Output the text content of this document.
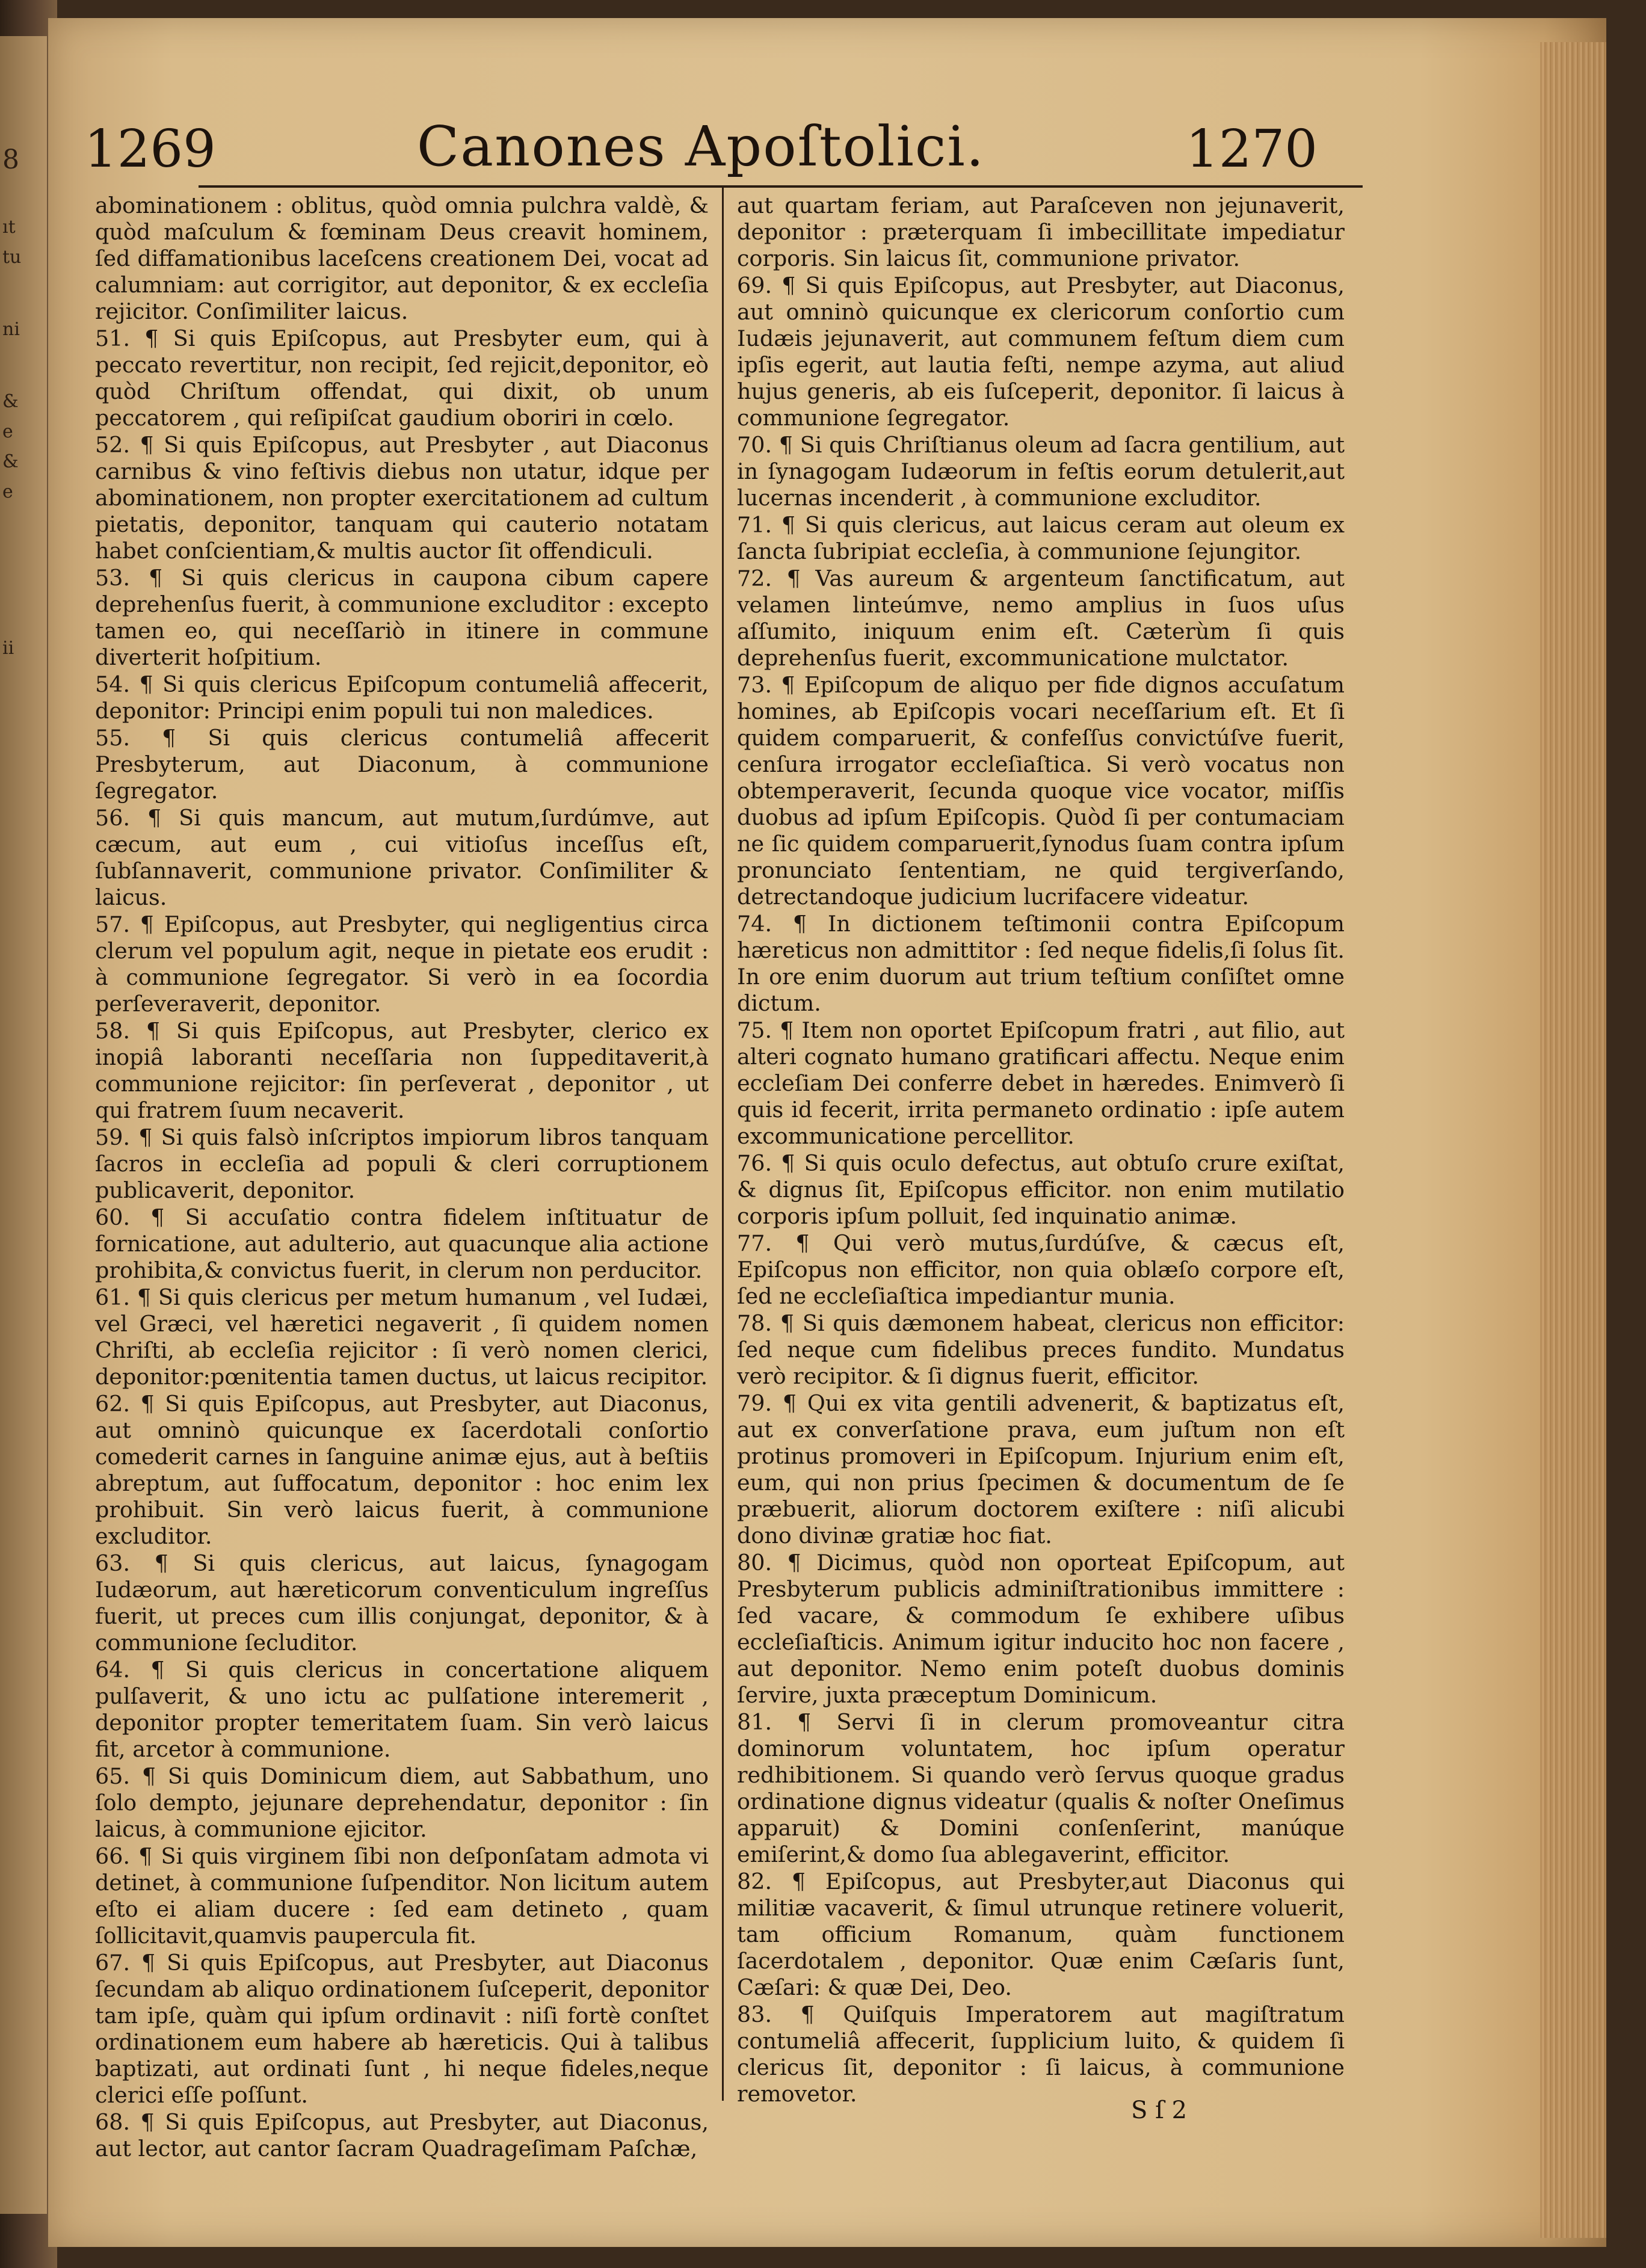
8
ıt
tu
ni
&
e
&
e
ii
1269	Canones Apoſtolici.	1270

abominationem : oblitus, quòd omnia pulchra valdè, & quòd maſculum & fœminam Deus creavit hominem, ſed diffamationibus laceſcens creationem Dei, vocat ad calumniam: aut corrigitor, aut deponitor, & ex eccleſia rejicitor. Conſimiliter laicus.

51. ¶ Si quis Epiſcopus, aut Presbyter eum, qui à peccato revertitur, non recipit, ſed rejicit,deponitor, eò quòd Chriſtum offendat, qui dixit, ob unum peccatorem , qui reſipiſcat gaudium oboriri in cœlo.

52. ¶ Si quis Epiſcopus, aut Presbyter , aut Diaconus carnibus & vino feſtivis diebus non utatur, idque per abominationem, non propter exercitationem ad cultum pietatis, deponitor, tanquam qui cauterio notatam habet conſcientiam,& multis auctor ſit offendiculi.

53. ¶ Si quis clericus in caupona cibum capere deprehenſus fuerit, à communione excluditor : excepto tamen eo, qui neceſſariò in itinere in commune diverterit hoſpitium.

54. ¶ Si quis clericus Epiſcopum contumeliâ affecerit, deponitor: Principi enim populi tui non maledices.

55. ¶ Si quis clericus contumeliâ affecerit Presbyterum, aut Diaconum, à communione ſegregator.

56. ¶ Si quis mancum, aut mutum,ſurdúmve, aut cæcum, aut eum , cui vitioſus inceſſus eſt, ſubſannaverit, communione privator. Conſimiliter & laicus.

57. ¶ Epiſcopus, aut Presbyter, qui negligentius circa clerum vel populum agit, neque in pietate eos erudit : à communione ſegregator. Si verò in ea ſocordia perſeveraverit, deponitor.

58. ¶ Si quis Epiſcopus, aut Presbyter, clerico ex inopiâ laboranti neceſſaria non ſuppeditaverit,à communione rejicitor: ſin perſeverat , deponitor , ut qui fratrem ſuum necaverit.

59. ¶ Si quis falsò inſcriptos impiorum libros tanquam ſacros in eccleſia ad populi & cleri corruptionem publicaverit, deponitor.

60. ¶ Si accuſatio contra fidelem inſtituatur de fornicatione, aut adulterio, aut quacunque alia actione prohibita,& convictus fuerit, in clerum non perducitor.

61. ¶ Si quis clericus per metum humanum , vel Iudæi, vel Græci, vel hæretici negaverit , ſi quidem nomen Chriſti, ab eccleſia rejicitor : ſi verò nomen clerici, deponitor:pœnitentia tamen ductus, ut laicus recipitor.

62. ¶ Si quis Epiſcopus, aut Presbyter, aut Diaconus, aut omninò quicunque ex ſacerdotali conſortio comederit carnes in ſanguine animæ ejus, aut à beſtiis abreptum, aut ſuffocatum, deponitor : hoc enim lex prohibuit. Sin verò laicus fuerit, à communione excluditor.

63. ¶ Si quis clericus, aut laicus, ſynagogam Iudæorum, aut hæreticorum conventiculum ingreſſus fuerit, ut preces cum illis conjungat, deponitor, & à communione ſecluditor.

64. ¶ Si quis clericus in concertatione aliquem pulſaverit, & uno ictu ac pulſatione interemerit , deponitor propter temeritatem ſuam. Sin verò laicus fit, arcetor à communione.

65. ¶ Si quis Dominicum diem, aut Sabbathum, uno ſolo dempto, jejunare deprehendatur, deponitor : ſin laicus, à communione ejicitor.

66. ¶ Si quis virginem ſibi non deſponſatam admota vi detinet, à communione ſuſpenditor. Non licitum autem eſto ei aliam ducere : ſed eam detineto , quam ſollicitavit,quamvis paupercula fit.

67. ¶ Si quis Epiſcopus, aut Presbyter, aut Diaconus ſecundam ab aliquo ordinationem ſuſceperit, deponitor tam ipſe, quàm qui ipſum ordinavit : niſi fortè conſtet ordinationem eum habere ab hæreticis. Qui à talibus baptizati, aut ordinati ſunt , hi neque fideles,neque clerici eſſe poſſunt.

68. ¶ Si quis Epiſcopus, aut Presbyter, aut Diaconus, aut lector, aut cantor ſacram Quadrageſimam Paſchæ,

aut quartam feriam, aut Paraſceven non jejunaverit, deponitor : præterquam ſi imbecillitate impediatur corporis. Sin laicus ſit, communione privator.

69. ¶ Si quis Epiſcopus, aut Presbyter, aut Diaconus, aut omninò quicunque ex clericorum conſortio cum Iudæis jejunaverit, aut communem feſtum diem cum ipſis egerit, aut lautia feſti, nempe azyma, aut aliud hujus generis, ab eis ſuſceperit, deponitor. ſi laicus à communione ſegregator.

70. ¶ Si quis Chriſtianus oleum ad ſacra gentilium, aut in ſynagogam Iudæorum in feſtis eorum detulerit,aut lucernas incenderit , à communione excluditor.

71. ¶ Si quis clericus, aut laicus ceram aut oleum ex ſancta ſubripiat eccleſia, à communione ſejungitor.

72. ¶ Vas aureum & argenteum ſanctificatum, aut velamen linteúmve, nemo amplius in ſuos uſus aſſumito, iniquum enim eſt. Cæterùm ſi quis deprehenſus fuerit, excommunicatione mulctator.

73. ¶ Epiſcopum de aliquo per fide dignos accuſatum homines, ab Epiſcopis vocari neceſſarium eſt. Et ſi quidem comparuerit, & confeſſus convictúſve fuerit, cenſura irrogator eccleſiaſtica. Si verò vocatus non obtemperaverit, ſecunda quoque vice vocator, miſſis duobus ad ipſum Epiſcopis. Quòd ſi per contumaciam ne ſic quidem comparuerit,ſynodus ſuam contra ipſum pronunciato ſententiam, ne quid tergiverſando, detrectandoque judicium lucrifacere videatur.

74. ¶ In dictionem teſtimonii contra Epiſcopum hæreticus non admittitor : ſed neque fidelis,ſi ſolus ſit. In ore enim duorum aut trium teſtium conſiſtet omne dictum.

75. ¶ Item non oportet Epiſcopum fratri , aut filio, aut alteri cognato humano gratificari affectu. Neque enim eccleſiam Dei conferre debet in hæredes. Enimverò ſi quis id fecerit, irrita permaneto ordinatio : ipſe autem excommunicatione percellitor.

76. ¶ Si quis oculo defectus, aut obtuſo crure exiſtat, & dignus ſit, Epiſcopus efficitor. non enim mutilatio corporis ipſum polluit, ſed inquinatio animæ.

77. ¶ Qui verò mutus,ſurdúſve, & cæcus eſt, Epiſcopus non efficitor, non quia oblæſo corpore eſt, ſed ne eccleſiaſtica impediantur munia.

78. ¶ Si quis dæmonem habeat, clericus non efficitor: ſed neque cum fidelibus preces fundito. Mundatus verò recipitor. & ſi dignus fuerit, efficitor.

79. ¶ Qui ex vita gentili advenerit, & baptizatus eſt, aut ex converſatione prava, eum juſtum non eſt protinus promoveri in Epiſcopum. Injurium enim eſt, eum, qui non prius ſpecimen & documentum de ſe præbuerit, aliorum doctorem exiſtere : niſi alicubi dono divinæ gratiæ hoc fiat.

80. ¶ Dicimus, quòd non oporteat Epiſcopum, aut Presbyterum publicis adminiſtrationibus immittere : ſed vacare, & commodum ſe exhibere uſibus eccleſiaſticis. Animum igitur inducito hoc non facere , aut deponitor. Nemo enim poteſt duobus dominis ſervire, juxta præceptum Dominicum.

81. ¶ Servi ſi in clerum promoveantur citra dominorum voluntatem, hoc ipſum operatur redhibitionem. Si quando verò ſervus quoque gradus ordinatione dignus videatur (qualis & noſter Oneſimus apparuit) & Domini conſenſerint, manúque emiſerint,& domo ſua ablegaverint, efficitor.

82. ¶ Epiſcopus, aut Presbyter,aut Diaconus qui militiæ vacaverit, & ſimul utrunque retinere voluerit, tam officium Romanum, quàm functionem ſacerdotalem , deponitor. Quæ enim Cæſaris ſunt, Cæſari: & quæ Dei, Deo.

83. ¶ Quiſquis Imperatorem aut magiſtratum contumeliâ affecerit, ſupplicium luito, & quidem ſi clericus ſit, deponitor : ſi laicus, à communione removetor.

S ſ 2
